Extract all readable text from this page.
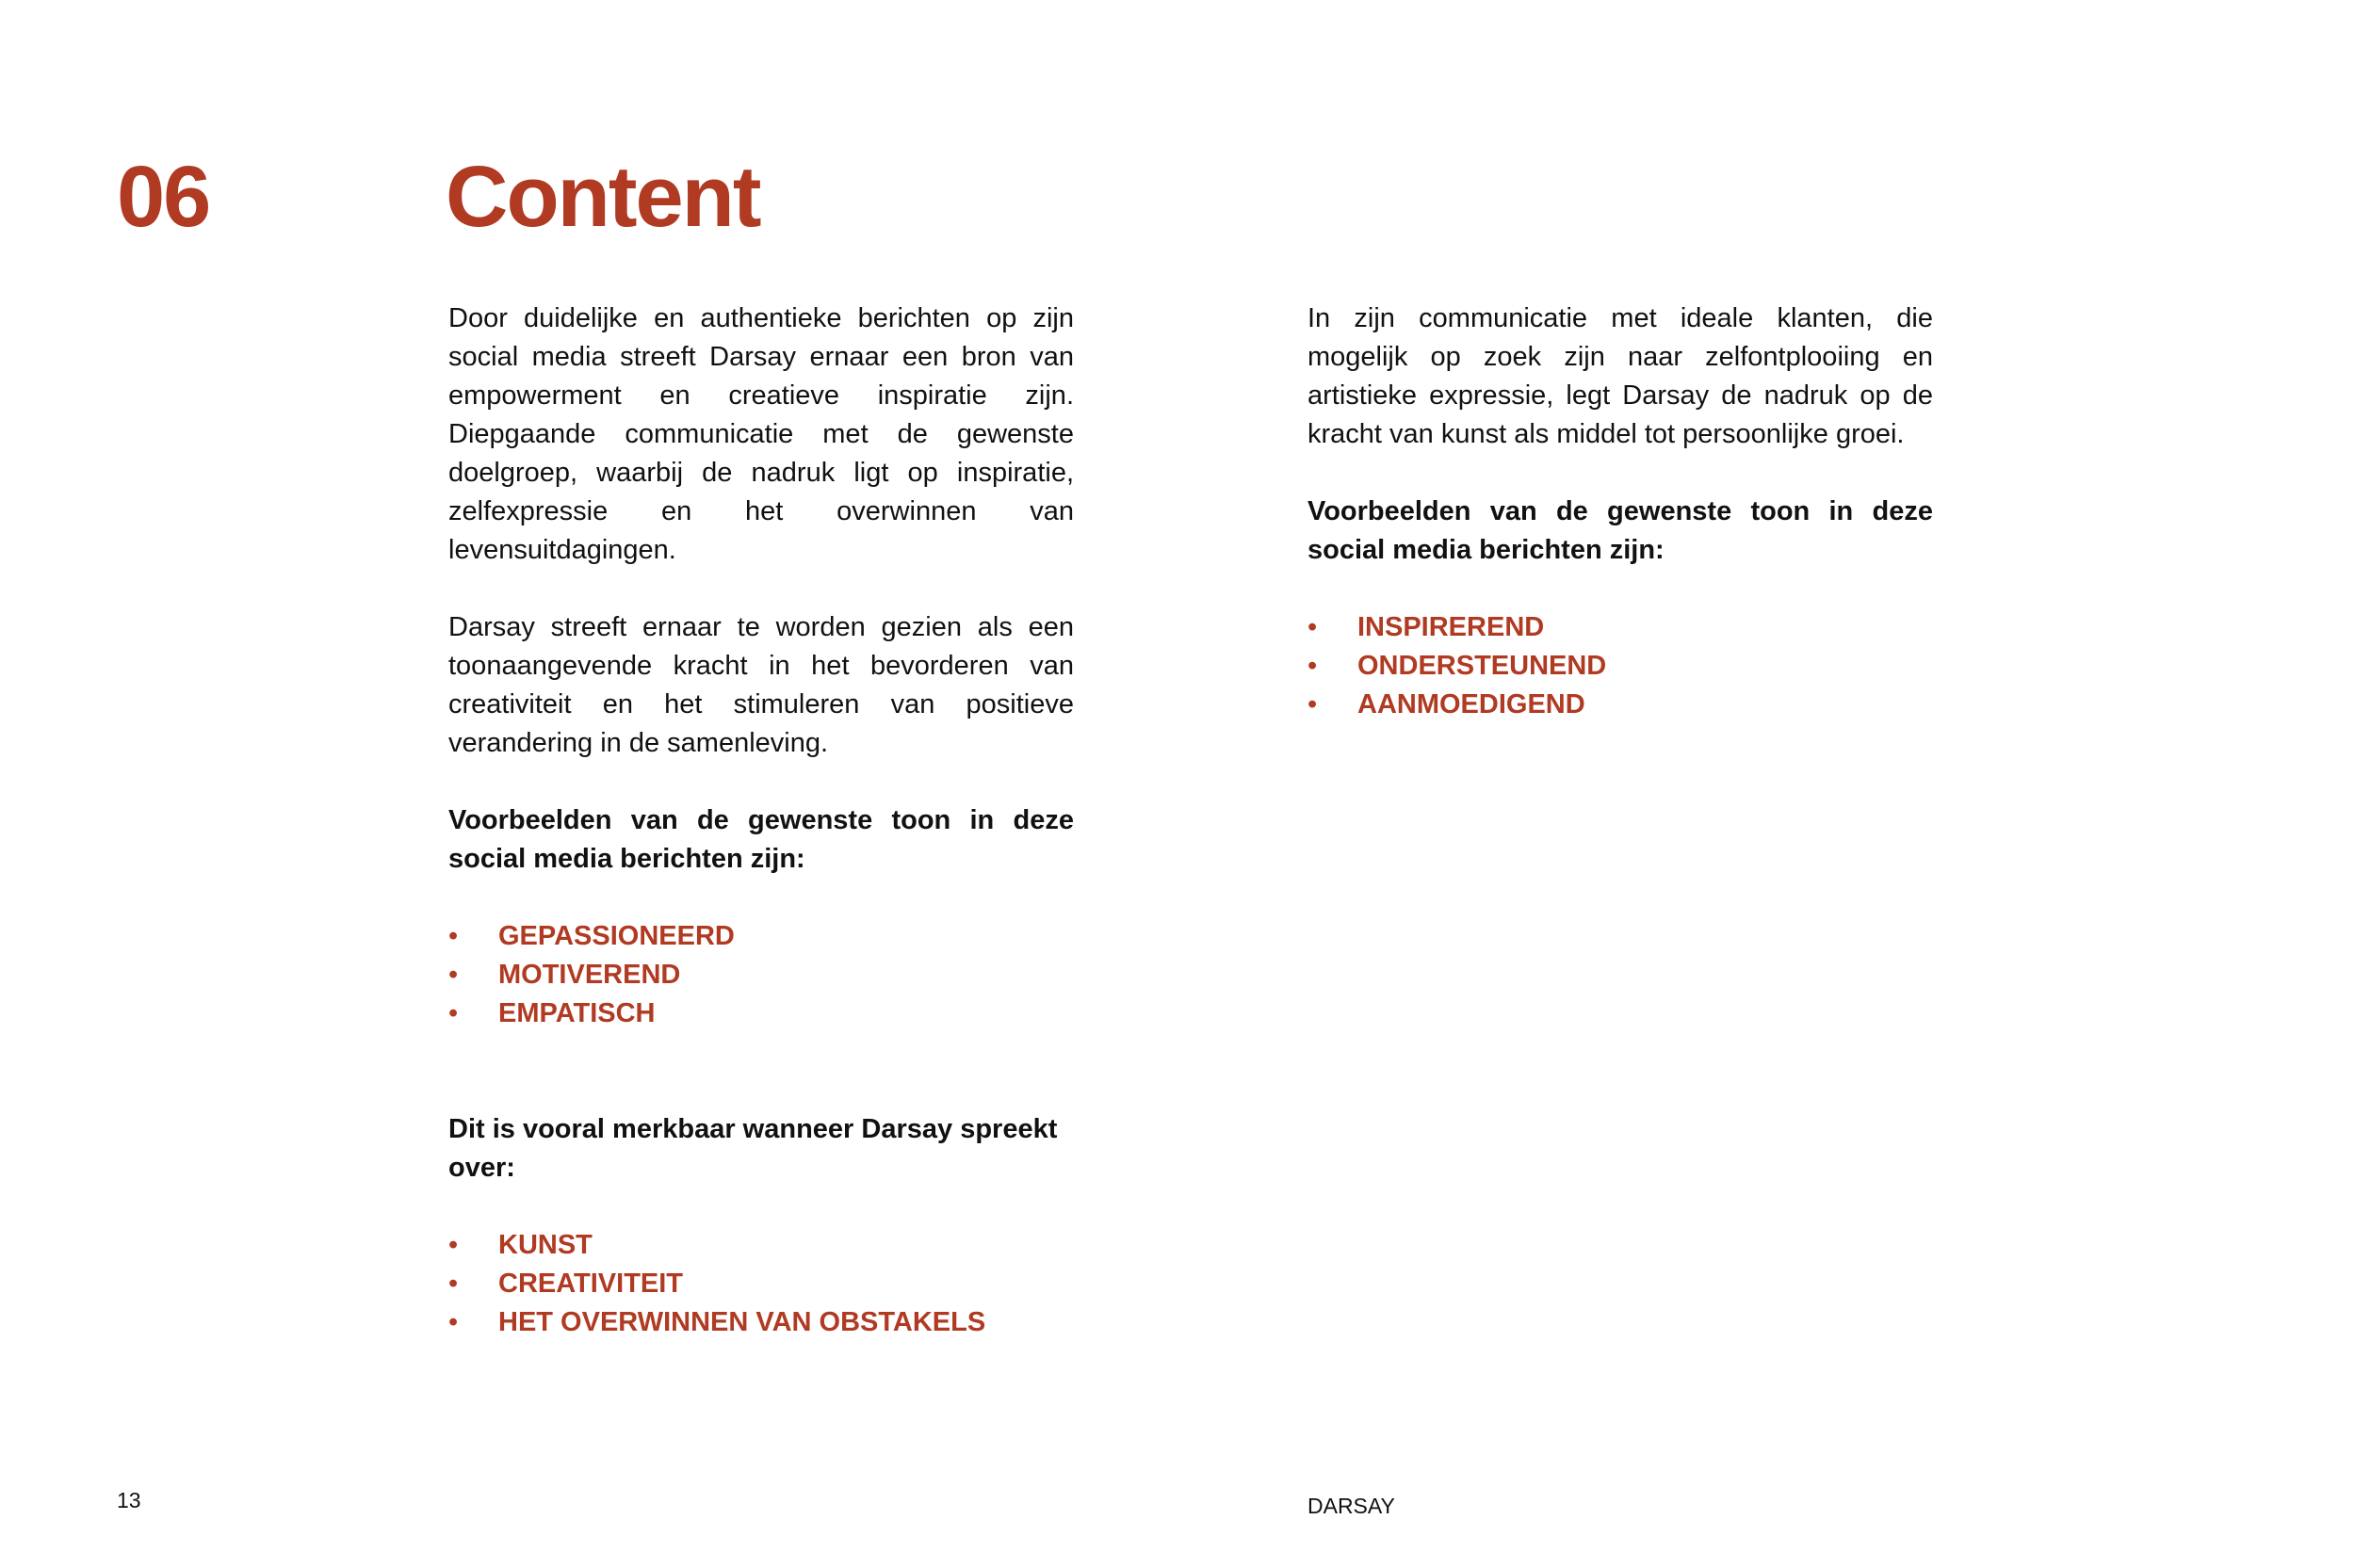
06	Content

Door duidelijke en authentieke berichten op zijn social media streeft Darsay ernaar een bron van empowerment en creatieve inspiratie zijn. Diepgaande communicatie met de gewenste doelgroep, waarbij de nadruk ligt op inspiratie, zelfexpressie en het overwinnen van levensuitdagingen.

Darsay streeft ernaar te worden gezien als een toonaangevende kracht in het bevorderen van creativiteit en het stimuleren van positieve verandering in de samenleving.

Voorbeelden van de gewenste toon in deze social media berichten zijn:

• GEPASSIONEERD
• MOTIVEREND
• EMPATISCH

Dit is vooral merkbaar wanneer Darsay spreekt over:

• KUNST
• CREATIVITEIT
• HET OVERWINNEN VAN OBSTAKELS

In zijn communicatie met ideale klanten, die mogelijk op zoek zijn naar zelfontplooiing en artistieke expressie, legt Darsay de nadruk op de kracht van kunst als middel tot persoonlijke groei.

Voorbeelden van de gewenste toon in deze social media berichten zijn:

• INSPIREREND
• ONDERSTEUNEND
• AANMOEDIGEND
13	DARSAY
